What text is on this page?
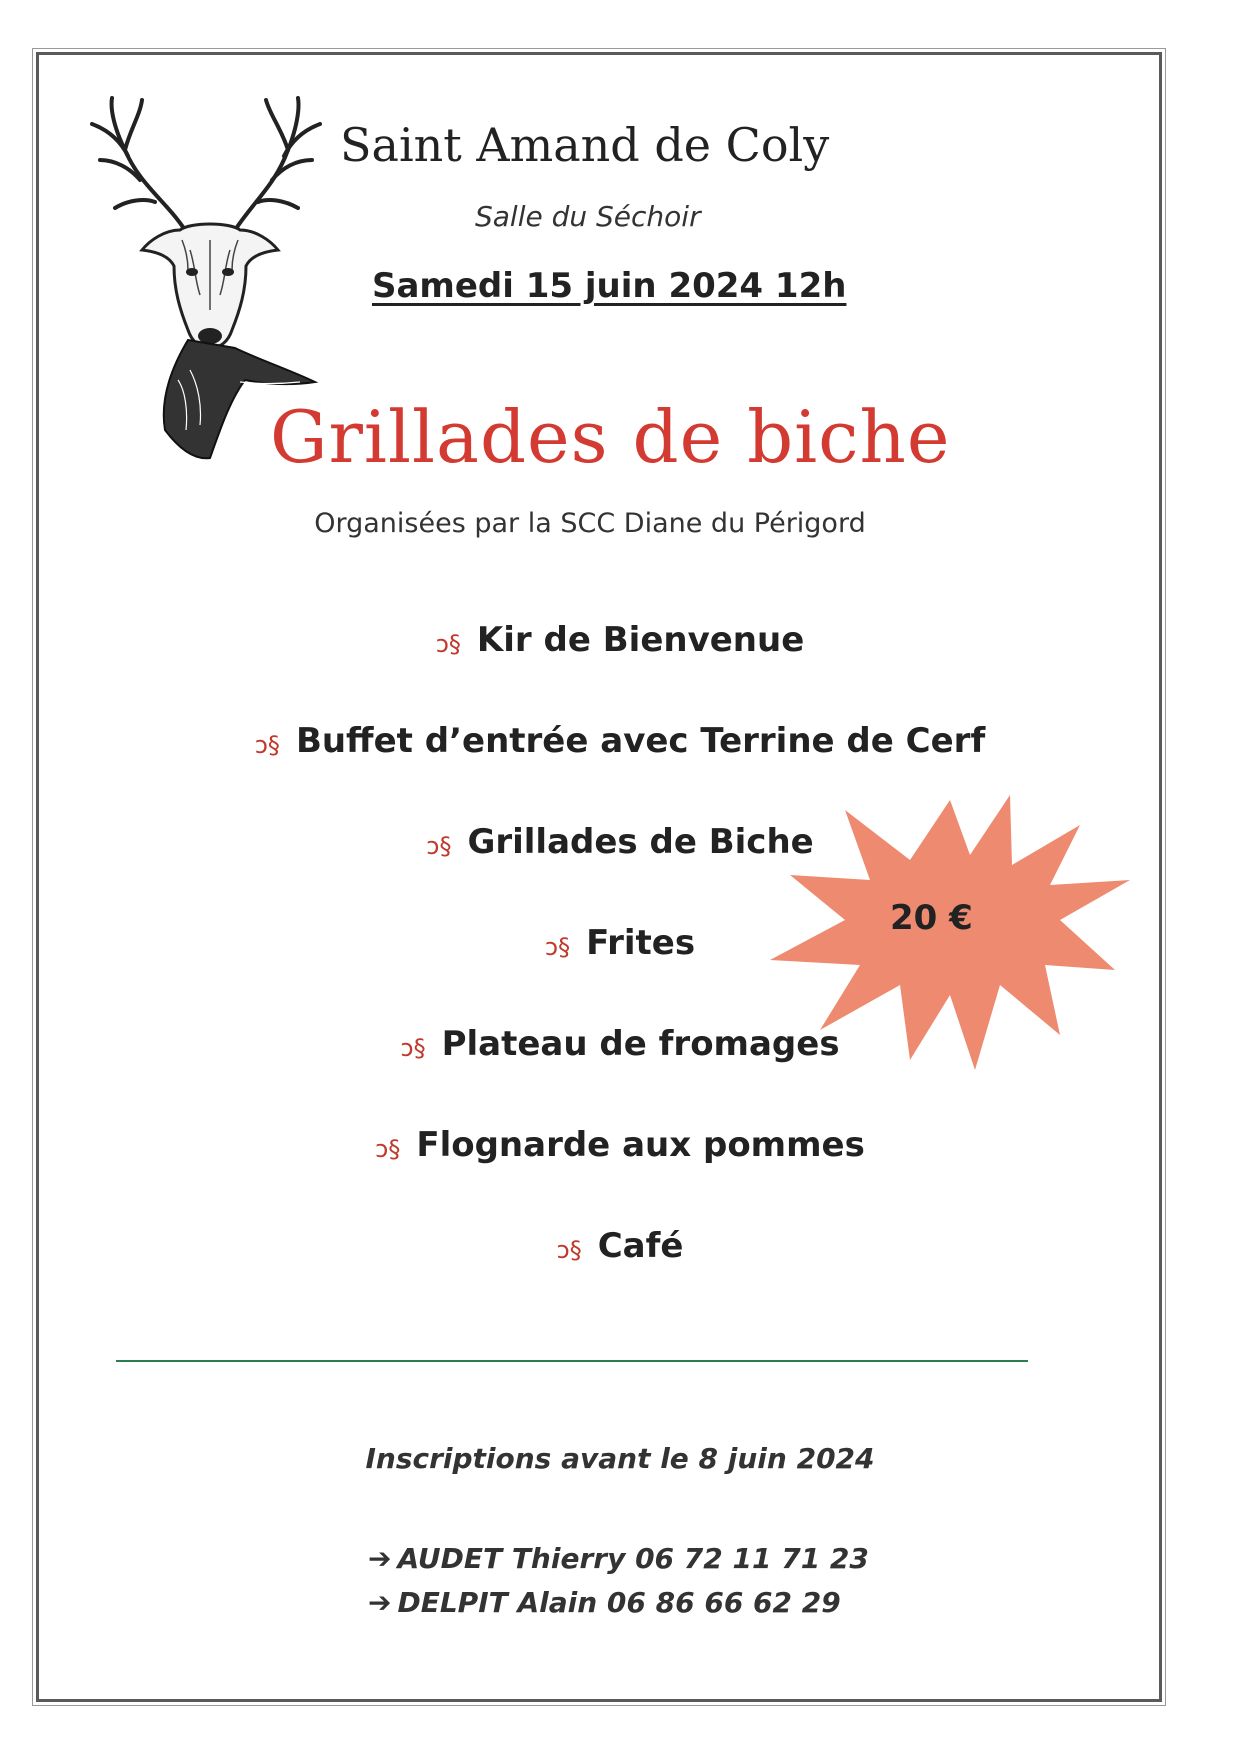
Saint Amand de Coly
Salle du Séchoir
Samedi 15 juin 2024 12h
Grillades de biche
Organisées par la SCC Diane du Périgord
20 €
ↄ§ Kir de Bienvenue
ↄ§ Buffet d’entrée avec Terrine de Cerf
ↄ§ Grillades de Biche
ↄ§ Frites
ↄ§ Plateau de fromages
ↄ§ Flognarde aux pommes
ↄ§ Café
Inscriptions avant le 8 juin 2024
➔ AUDET Thierry 06 72 11 71 23
➔ DELPIT Alain 06 86 66 62 29
